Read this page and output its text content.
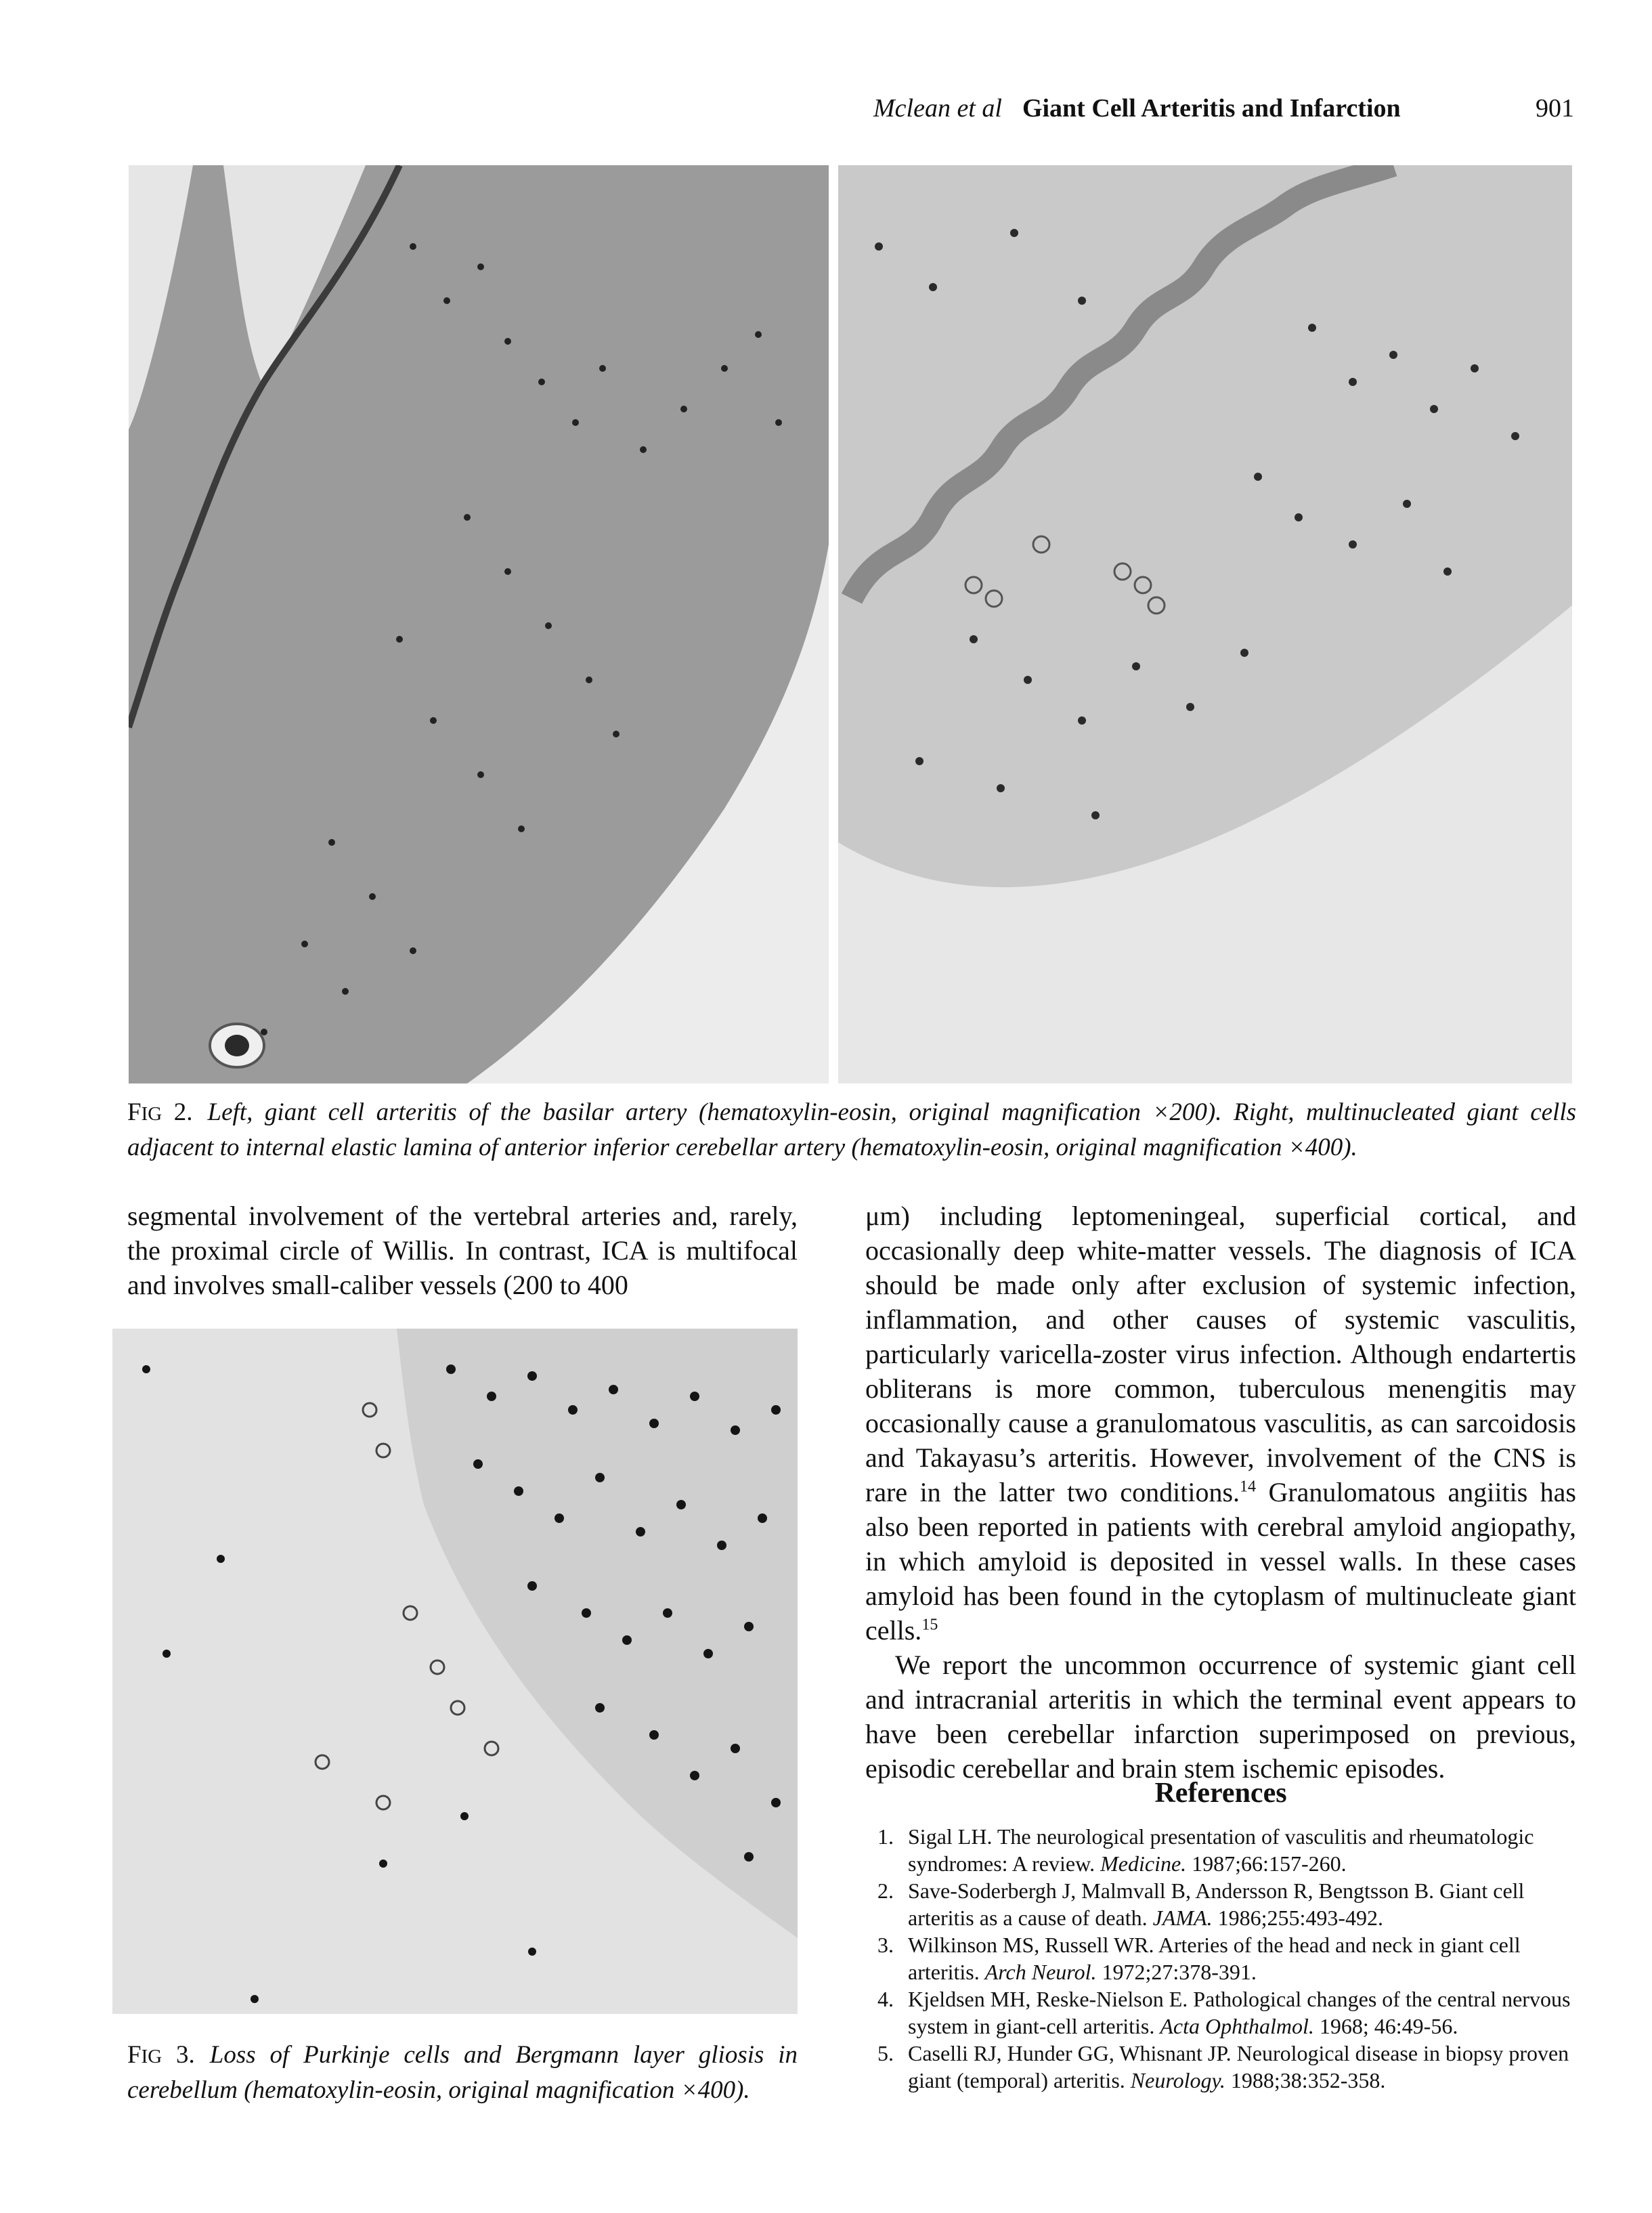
Mclean et al Giant Cell Arteritis and Infarction	901
FIG 2. Left, giant cell arteritis of the basilar artery (hematoxylin-eosin, original magnification ×200). Right, multinucleated giant cells adjacent to internal elastic lamina of anterior inferior cerebellar artery (hematoxylin-eosin, original magnification ×400).

segmental involvement of the vertebral arteries and, rarely, the proximal circle of Willis. In contrast, ICA is multifocal and involves small-caliber vessels (200 to 400

FIG 3. Loss of Purkinje cells and Bergmann layer gliosis in cerebellum (hematoxylin-eosin, original magnification ×400).

μm) including leptomeningeal, superficial cortical, and occasionally deep white-matter vessels. The diagnosis of ICA should be made only after exclusion of systemic infection, inflammation, and other causes of systemic vasculitis, particularly varicella-zoster virus infection. Although endartertis obliterans is more common, tuberculous menengitis may occasionally cause a granulomatous vasculitis, as can sarcoidosis and Takayasu’s arteritis. However, involvement of the CNS is rare in the latter two conditions.$^{14}$ Granulomatous angiitis has also been reported in patients with cerebral amyloid angiopathy, in which amyloid is deposited in vessel walls. In these cases amyloid has been found in the cytoplasm of multinucleate giant cells.$^{15}$

We report the uncommon occurrence of systemic giant cell and intracranial arteritis in which the terminal event appears to have been cerebellar infarction superimposed on previous, episodic cerebellar and brain stem ischemic episodes.

References
1. Sigal LH. The neurological presentation of vasculitis and rheumatologic syndromes: A review. Medicine. 1987;66:157-260.
2. Save-Soderbergh J, Malmvall B, Andersson R, Bengtsson B. Giant cell arteritis as a cause of death. JAMA. 1986;255:493-492.
3. Wilkinson MS, Russell WR. Arteries of the head and neck in giant cell arteritis. Arch Neurol. 1972;27:378-391.
4. Kjeldsen MH, Reske-Nielson E. Pathological changes of the central nervous system in giant-cell arteritis. Acta Ophthalmol. 1968; 46:49-56.
5. Caselli RJ, Hunder GG, Whisnant JP. Neurological disease in biopsy proven giant (temporal) arteritis. Neurology. 1988;38:352-358.
